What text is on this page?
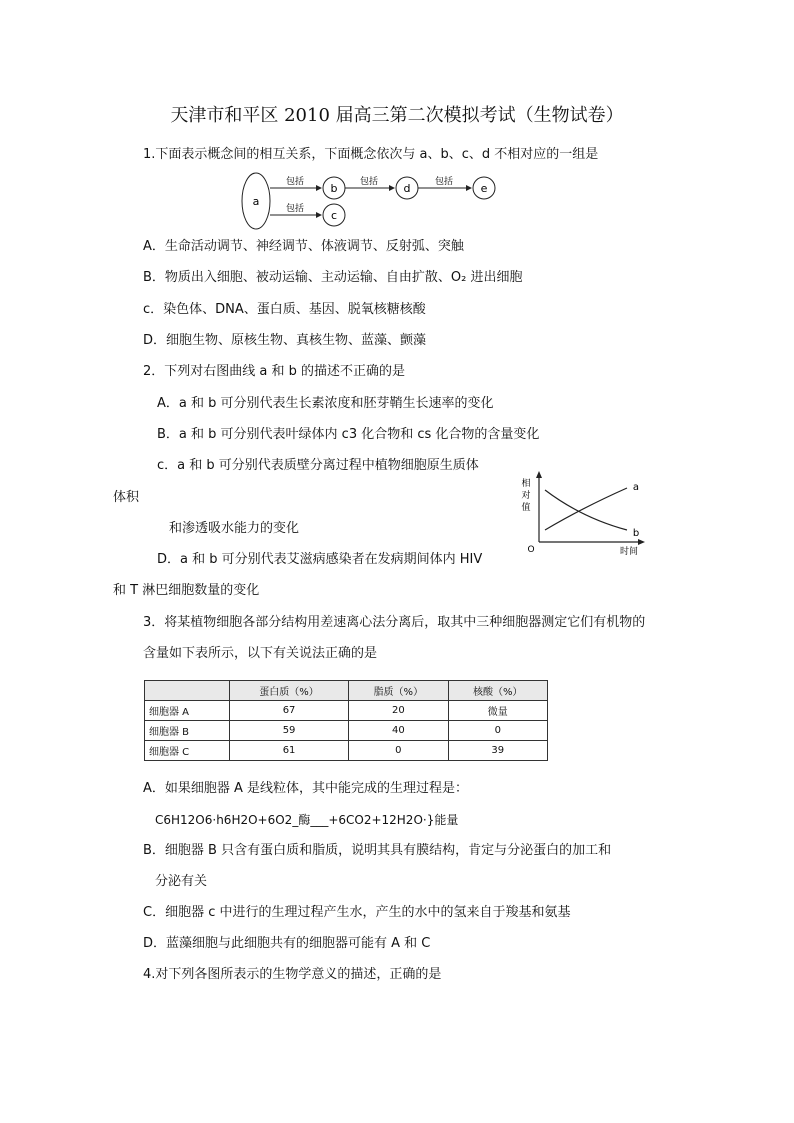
天津市和平区 2010 届高三第二次模拟考试（生物试卷）
1.下面表示概念间的相互关系，下面概念依次与 a、b、c、d 不相对应的一组是
a
b
c
d	e
包括
包括
包括	包括
A．生命活动调节、神经调节、体液调节、反射弧、突触
B．物质出入细胞、被动运输、主动运输、自由扩散、O₂ 进出细胞
c．染色体、DNA、蛋白质、基因、脱氧核糖核酸
D．细胞生物、原核生物、真核生物、蓝藻、颤藻
2．下列对右图曲线 a 和 b 的描述不正确的是
A．a 和 b 可分别代表生长素浓度和胚芽鞘生长速率的变化
B．a 和 b 可分别代表叶绿体内 c3 化合物和 cs 化合物的含量变化
c．a 和 b 可分别代表质壁分离过程中植物细胞原生质体
体积
和渗透吸水能力的变化
D．a 和 b 可分别代表艾滋病感染者在发病期间体内 HIV
和 T 淋巴细胞数量的变化
相
对
值
O	时间
a
b
3．将某植物细胞各部分结构用差速离心法分离后，取其中三种细胞器测定它们有机物的
含量如下表所示，以下有关说法正确的是
	蛋白质（%）	脂质（%）	核酸（%）
细胞器 A	67	20	微量
细胞器 B	59	40	0
细胞器 C	61	0	39
A．如果细胞器 A 是线粒体，其中能完成的生理过程是：
C6H12O6·h6H2O+6O2_酶___+6CO2+12H2O·}能量
B．细胞器 B 只含有蛋白质和脂质，说明其具有膜结构，肯定与分泌蛋白的加工和
分泌有关
C．细胞器 c 中进行的生理过程产生水，产生的水中的氢来自于羧基和氨基
D．蓝藻细胞与此细胞共有的细胞器可能有 A 和 C
4.对下列各图所表示的生物学意义的描述，正确的是
